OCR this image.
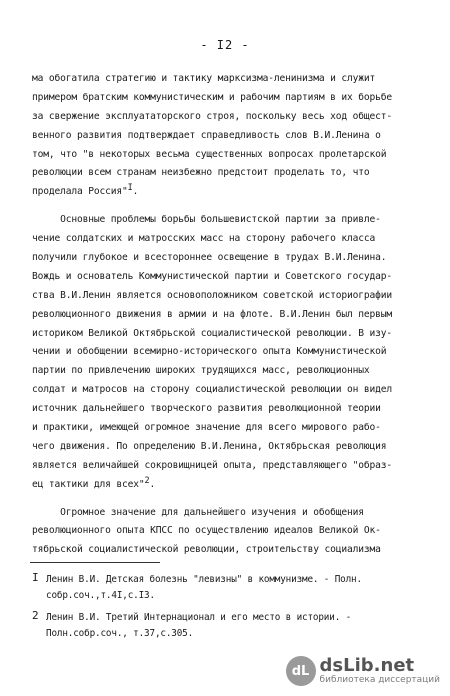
- I2 -
ма обогатила стратегию и тактику марксизма-ленинизма и служит
примером братским коммунистическим и рабочим партиям в их борьбе
за свержение эксплуататорского строя, поскольку весь ход общест-
венного развития подтверждает справедливость слов В.И.Ленина о
том, что "в некоторых весьма существенных вопросах пролетарской
революции всем странам неизбежно предстоит проделать то, что
проделала Россия"I.
Основные проблемы борьбы большевистской партии за привле-
чение солдатских и матросских масс на сторону рабочего класса
получили глубокое и всестороннее освещение в трудах В.И.Ленина.
Вождь и основатель Коммунистической партии и Советского государ-
ства В.И.Ленин является основоположником советской историографии
революционного движения в армии и на флоте. В.И.Ленин был первым
историком Великой Октябрьской социалистической революции. В изу-
чении и обобщении всемирно-исторического опыта Коммунистической
партии по привлечению широких трудящихся масс, революционных
солдат и матросов на сторону социалистической революции он видел
источник дальнейшего творческого развития революционной теории
и практики, имеющей огромное значение для всего мирового рабо-
чего движения. По определению В.И.Ленина, Октябрьская революция
является величайшей сокровищницей опыта, представляющего "образ-
ец тактики для всех"2.
Огромное значение для дальнейшего изучения и обобщения
революционного опыта КПСС по осуществлению идеалов Великой Ок-
тябрьской социалистической революции, строительству социализма
I Ленин В.И. Детская болезнь "левизны" в коммунизме. - Полн.
собр.соч.,т.4I,с.I3.
2 Ленин В.И. Третий Интернационал и его место в истории. -
Полн.собр.соч., т.37,с.305.
dL dsLib.net
библиотека диссертаций
